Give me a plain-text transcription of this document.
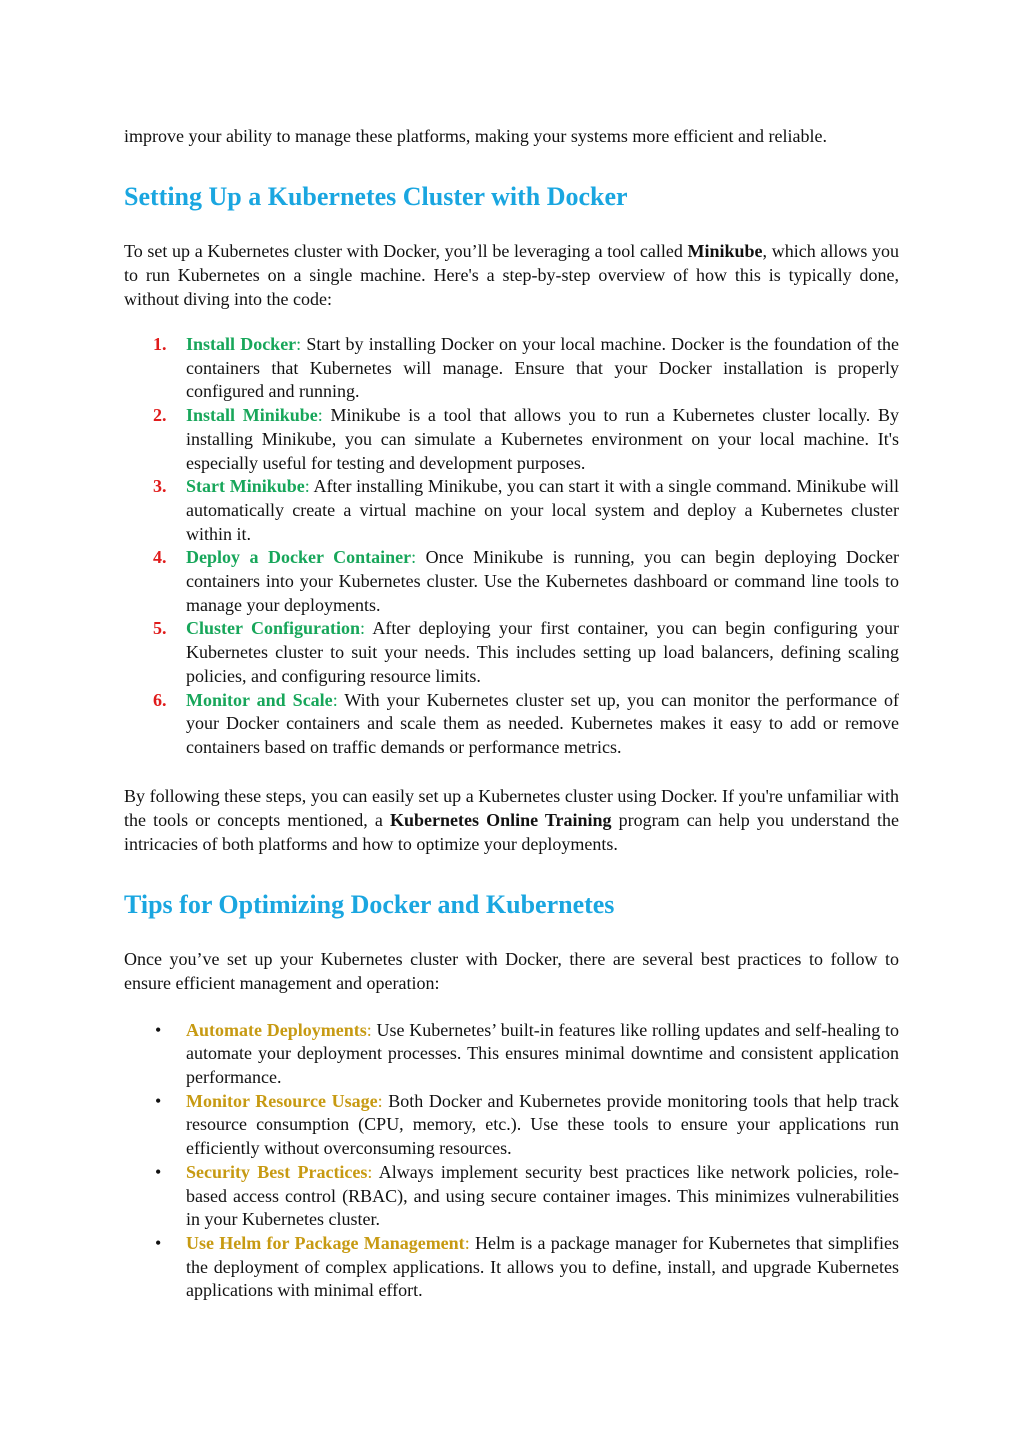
improve your ability to manage these platforms, making your systems more efficient and reliable.

Setting Up a Kubernetes Cluster with Docker

To set up a Kubernetes cluster with Docker, you’ll be leveraging a tool called Minikube, which allows you to run Kubernetes on a single machine. Here's a step-by-step overview of how this is typically done, without diving into the code:

1. Install Docker: Start by installing Docker on your local machine. Docker is the foundation of the containers that Kubernetes will manage. Ensure that your Docker installation is properly configured and running.
2. Install Minikube: Minikube is a tool that allows you to run a Kubernetes cluster locally. By installing Minikube, you can simulate a Kubernetes environment on your local machine. It's especially useful for testing and development purposes.
3. Start Minikube: After installing Minikube, you can start it with a single command. Minikube will automatically create a virtual machine on your local system and deploy a Kubernetes cluster within it.
4. Deploy a Docker Container: Once Minikube is running, you can begin deploying Docker containers into your Kubernetes cluster. Use the Kubernetes dashboard or command line tools to manage your deployments.
5. Cluster Configuration: After deploying your first container, you can begin configuring your Kubernetes cluster to suit your needs. This includes setting up load balancers, defining scaling policies, and configuring resource limits.
6. Monitor and Scale: With your Kubernetes cluster set up, you can monitor the performance of your Docker containers and scale them as needed. Kubernetes makes it easy to add or remove containers based on traffic demands or performance metrics.

By following these steps, you can easily set up a Kubernetes cluster using Docker. If you're unfamiliar with the tools or concepts mentioned, a Kubernetes Online Training program can help you understand the intricacies of both platforms and how to optimize your deployments.

Tips for Optimizing Docker and Kubernetes

Once you’ve set up your Kubernetes cluster with Docker, there are several best practices to follow to ensure efficient management and operation:

• Automate Deployments: Use Kubernetes’ built-in features like rolling updates and self-healing to automate your deployment processes. This ensures minimal downtime and consistent application performance.
• Monitor Resource Usage: Both Docker and Kubernetes provide monitoring tools that help track resource consumption (CPU, memory, etc.). Use these tools to ensure your applications run efficiently without overconsuming resources.
• Security Best Practices: Always implement security best practices like network policies, role-based access control (RBAC), and using secure container images. This minimizes vulnerabilities in your Kubernetes cluster.
• Use Helm for Package Management: Helm is a package manager for Kubernetes that simplifies the deployment of complex applications. It allows you to define, install, and upgrade Kubernetes applications with minimal effort.
